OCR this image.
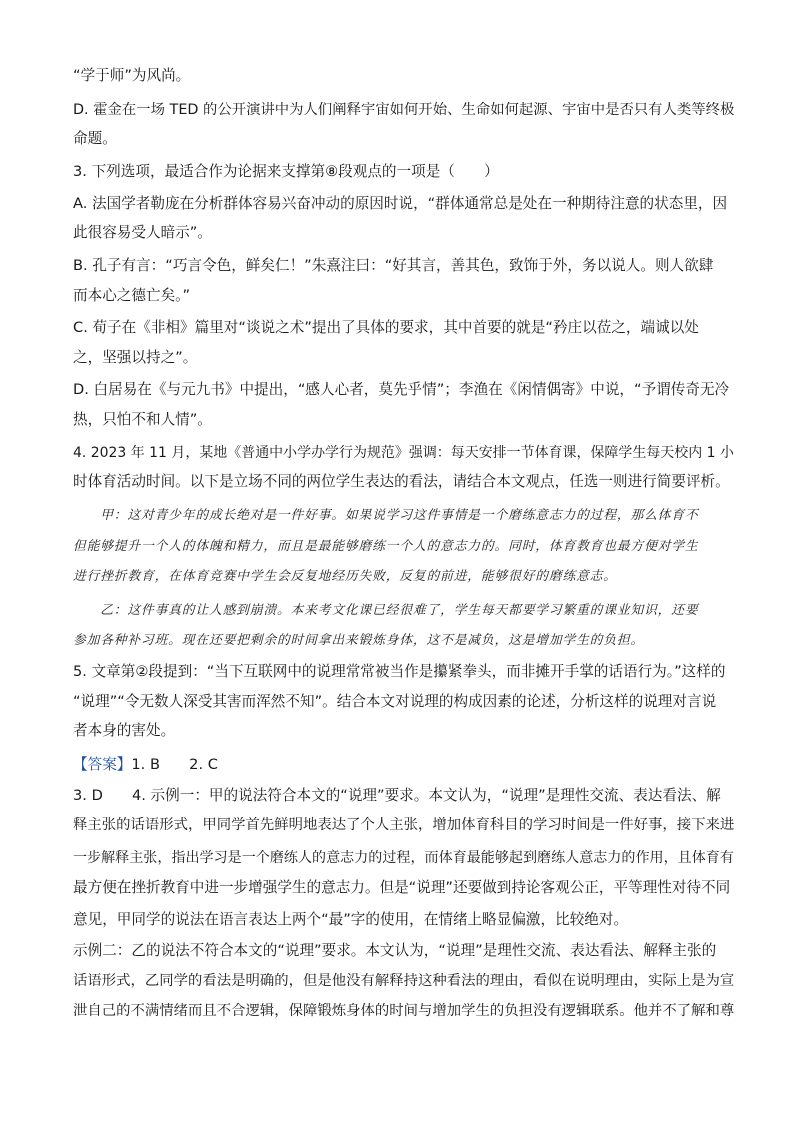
“学于师”为风尚。
D. 霍金在一场 TED 的公开演讲中为人们阐释宇宙如何开始、生命如何起源、宇宙中是否只有人类等终极
命题。
3. 下列选项，最适合作为论据来支撑第⑧段观点的一项是（　　）
A. 法国学者勒庞在分析群体容易兴奋冲动的原因时说，“群体通常总是处在一种期待注意的状态里，因
此很容易受人暗示”。
B. 孔子有言：“巧言令色，鲜矣仁！”朱熹注曰：“好其言，善其色，致饰于外，务以说人。则人欲肆
而本心之德亡矣。”
C. 荀子在《非相》篇里对“谈说之术”提出了具体的要求，其中首要的就是“矜庄以莅之，端诚以处
之，坚强以持之”。
D. 白居易在《与元九书》中提出，“感人心者，莫先乎情”；李渔在《闲情偶寄》中说，“予谓传奇无冷
热，只怕不和人情”。
4. 2023 年 11 月，某地《普通中小学办学行为规范》强调：每天安排一节体育课，保障学生每天校内 1 小
时体育活动时间。以下是立场不同的两位学生表达的看法，请结合本文观点，任选一则进行简要评析。
　　甲：这对青少年的成长绝对是一件好事。如果说学习这件事情是一个磨练意志力的过程，那么体育不
但能够提升一个人的体魄和精力，而且是最能够磨练一个人的意志力的。同时，体育教育也最方便对学生
进行挫折教育，在体育竞赛中学生会反复地经历失败，反复的前进，能够很好的磨练意志。
　　乙：这件事真的让人感到崩溃。本来考文化课已经很难了，学生每天都要学习繁重的课业知识，还要
参加各种补习班。现在还要把剩余的时间拿出来锻炼身体，这不是减负，这是增加学生的负担。
5. 文章第②段提到：“当下互联网中的说理常常被当作是攥紧拳头，而非摊开手掌的话语行为。”这样的
“说理”“令无数人深受其害而浑然不知”。结合本文对说理的构成因素的论述，分析这样的说理对言说
者本身的害处。
【答案】1. B　　2. C
3. D　　4. 示例一：甲的说法符合本文的“说理”要求。本文认为，“说理”是理性交流、表达看法、解
释主张的话语形式，甲同学首先鲜明地表达了个人主张，增加体育科目的学习时间是一件好事，接下来进
一步解释主张，指出学习是一个磨练人的意志力的过程，而体育最能够起到磨练人意志力的作用，且体育有
最方便在挫折教育中进一步增强学生的意志力。但是“说理”还要做到持论客观公正，平等理性对待不同
意见，甲同学的说法在语言表达上两个“最”字的使用，在情绪上略显偏激，比较绝对。
示例二：乙的说法不符合本文的“说理”要求。本文认为，“说理”是理性交流、表达看法、解释主张的
话语形式，乙同学的看法是明确的，但是他没有解释持这种看法的理由，看似在说明理由，实际上是为宣
泄自己的不满情绪而且不合逻辑，保障锻炼身体的时间与增加学生的负担没有逻辑联系。他并不了解和尊
